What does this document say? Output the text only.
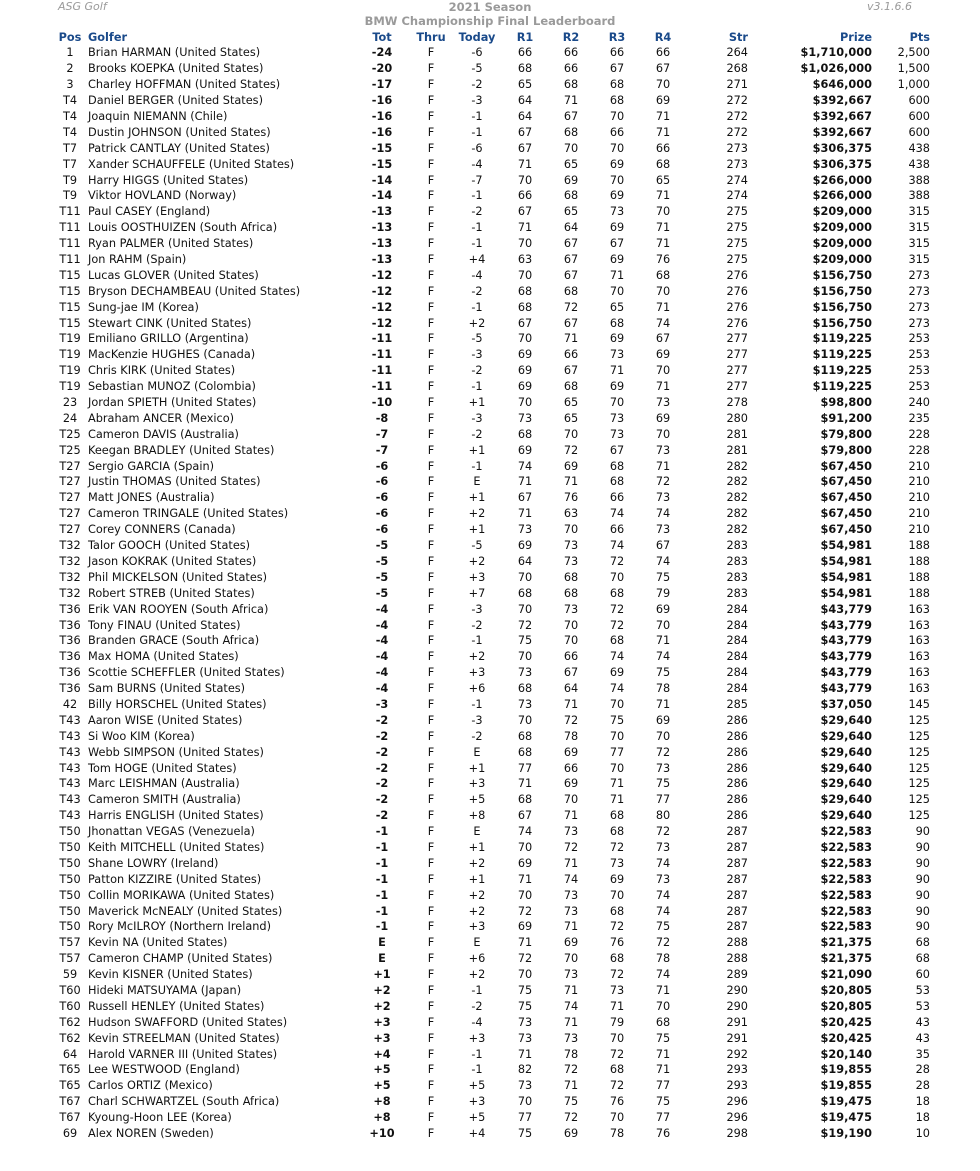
ASG Golf	2021 Season	v3.1.6.6
BMW Championship Final Leaderboard
Pos	Golfer	Tot	Thru	Today	R1	R2	R3	R4	Str	Prize	Pts
1	Brian HARMAN (United States)	-24	F	-6	66	66	66	66	264	$1,710,000	2,500
2	Brooks KOEPKA (United States)	-20	F	-5	68	66	67	67	268	$1,026,000	1,500
3	Charley HOFFMAN (United States)	-17	F	-2	65	68	68	70	271	$646,000	1,000
T4	Daniel BERGER (United States)	-16	F	-3	64	71	68	69	272	$392,667	600
T4	Joaquin NIEMANN (Chile)	-16	F	-1	64	67	70	71	272	$392,667	600
T4	Dustin JOHNSON (United States)	-16	F	-1	67	68	66	71	272	$392,667	600
T7	Patrick CANTLAY (United States)	-15	F	-6	67	70	70	66	273	$306,375	438
T7	Xander SCHAUFFELE (United States)	-15	F	-4	71	65	69	68	273	$306,375	438
T9	Harry HIGGS (United States)	-14	F	-7	70	69	70	65	274	$266,000	388
T9	Viktor HOVLAND (Norway)	-14	F	-1	66	68	69	71	274	$266,000	388
T11	Paul CASEY (England)	-13	F	-2	67	65	73	70	275	$209,000	315
T11	Louis OOSTHUIZEN (South Africa)	-13	F	-1	71	64	69	71	275	$209,000	315
T11	Ryan PALMER (United States)	-13	F	-1	70	67	67	71	275	$209,000	315
T11	Jon RAHM (Spain)	-13	F	+4	63	67	69	76	275	$209,000	315
T15	Lucas GLOVER (United States)	-12	F	-4	70	67	71	68	276	$156,750	273
T15	Bryson DECHAMBEAU (United States)	-12	F	-2	68	68	70	70	276	$156,750	273
T15	Sung-jae IM (Korea)	-12	F	-1	68	72	65	71	276	$156,750	273
T15	Stewart CINK (United States)	-12	F	+2	67	67	68	74	276	$156,750	273
T19	Emiliano GRILLO (Argentina)	-11	F	-5	70	71	69	67	277	$119,225	253
T19	MacKenzie HUGHES (Canada)	-11	F	-3	69	66	73	69	277	$119,225	253
T19	Chris KIRK (United States)	-11	F	-2	69	67	71	70	277	$119,225	253
T19	Sebastian MUNOZ (Colombia)	-11	F	-1	69	68	69	71	277	$119,225	253
23	Jordan SPIETH (United States)	-10	F	+1	70	65	70	73	278	$98,800	240
24	Abraham ANCER (Mexico)	-8	F	-3	73	65	73	69	280	$91,200	235
T25	Cameron DAVIS (Australia)	-7	F	-2	68	70	73	70	281	$79,800	228
T25	Keegan BRADLEY (United States)	-7	F	+1	69	72	67	73	281	$79,800	228
T27	Sergio GARCIA (Spain)	-6	F	-1	74	69	68	71	282	$67,450	210
T27	Justin THOMAS (United States)	-6	F	E	71	71	68	72	282	$67,450	210
T27	Matt JONES (Australia)	-6	F	+1	67	76	66	73	282	$67,450	210
T27	Cameron TRINGALE (United States)	-6	F	+2	71	63	74	74	282	$67,450	210
T27	Corey CONNERS (Canada)	-6	F	+1	73	70	66	73	282	$67,450	210
T32	Talor GOOCH (United States)	-5	F	-5	69	73	74	67	283	$54,981	188
T32	Jason KOKRAK (United States)	-5	F	+2	64	73	72	74	283	$54,981	188
T32	Phil MICKELSON (United States)	-5	F	+3	70	68	70	75	283	$54,981	188
T32	Robert STREB (United States)	-5	F	+7	68	68	68	79	283	$54,981	188
T36	Erik VAN ROOYEN (South Africa)	-4	F	-3	70	73	72	69	284	$43,779	163
T36	Tony FINAU (United States)	-4	F	-2	72	70	72	70	284	$43,779	163
T36	Branden GRACE (South Africa)	-4	F	-1	75	70	68	71	284	$43,779	163
T36	Max HOMA (United States)	-4	F	+2	70	66	74	74	284	$43,779	163
T36	Scottie SCHEFFLER (United States)	-4	F	+3	73	67	69	75	284	$43,779	163
T36	Sam BURNS (United States)	-4	F	+6	68	64	74	78	284	$43,779	163
42	Billy HORSCHEL (United States)	-3	F	-1	73	71	70	71	285	$37,050	145
T43	Aaron WISE (United States)	-2	F	-3	70	72	75	69	286	$29,640	125
T43	Si Woo KIM (Korea)	-2	F	-2	68	78	70	70	286	$29,640	125
T43	Webb SIMPSON (United States)	-2	F	E	68	69	77	72	286	$29,640	125
T43	Tom HOGE (United States)	-2	F	+1	77	66	70	73	286	$29,640	125
T43	Marc LEISHMAN (Australia)	-2	F	+3	71	69	71	75	286	$29,640	125
T43	Cameron SMITH (Australia)	-2	F	+5	68	70	71	77	286	$29,640	125
T43	Harris ENGLISH (United States)	-2	F	+8	67	71	68	80	286	$29,640	125
T50	Jhonattan VEGAS (Venezuela)	-1	F	E	74	73	68	72	287	$22,583	90
T50	Keith MITCHELL (United States)	-1	F	+1	70	72	72	73	287	$22,583	90
T50	Shane LOWRY (Ireland)	-1	F	+2	69	71	73	74	287	$22,583	90
T50	Patton KIZZIRE (United States)	-1	F	+1	71	74	69	73	287	$22,583	90
T50	Collin MORIKAWA (United States)	-1	F	+2	70	73	70	74	287	$22,583	90
T50	Maverick McNEALY (United States)	-1	F	+2	72	73	68	74	287	$22,583	90
T50	Rory McILROY (Northern Ireland)	-1	F	+3	69	71	72	75	287	$22,583	90
T57	Kevin NA (United States)	E	F	E	71	69	76	72	288	$21,375	68
T57	Cameron CHAMP (United States)	E	F	+6	72	70	68	78	288	$21,375	68
59	Kevin KISNER (United States)	+1	F	+2	70	73	72	74	289	$21,090	60
T60	Hideki MATSUYAMA (Japan)	+2	F	-1	75	71	73	71	290	$20,805	53
T60	Russell HENLEY (United States)	+2	F	-2	75	74	71	70	290	$20,805	53
T62	Hudson SWAFFORD (United States)	+3	F	-4	73	71	79	68	291	$20,425	43
T62	Kevin STREELMAN (United States)	+3	F	+3	73	73	70	75	291	$20,425	43
64	Harold VARNER III (United States)	+4	F	-1	71	78	72	71	292	$20,140	35
T65	Lee WESTWOOD (England)	+5	F	-1	82	72	68	71	293	$19,855	28
T65	Carlos ORTIZ (Mexico)	+5	F	+5	73	71	72	77	293	$19,855	28
T67	Charl SCHWARTZEL (South Africa)	+8	F	+3	70	75	76	75	296	$19,475	18
T67	Kyoung-Hoon LEE (Korea)	+8	F	+5	77	72	70	77	296	$19,475	18
69	Alex NOREN (Sweden)	+10	F	+4	75	69	78	76	298	$19,190	10
